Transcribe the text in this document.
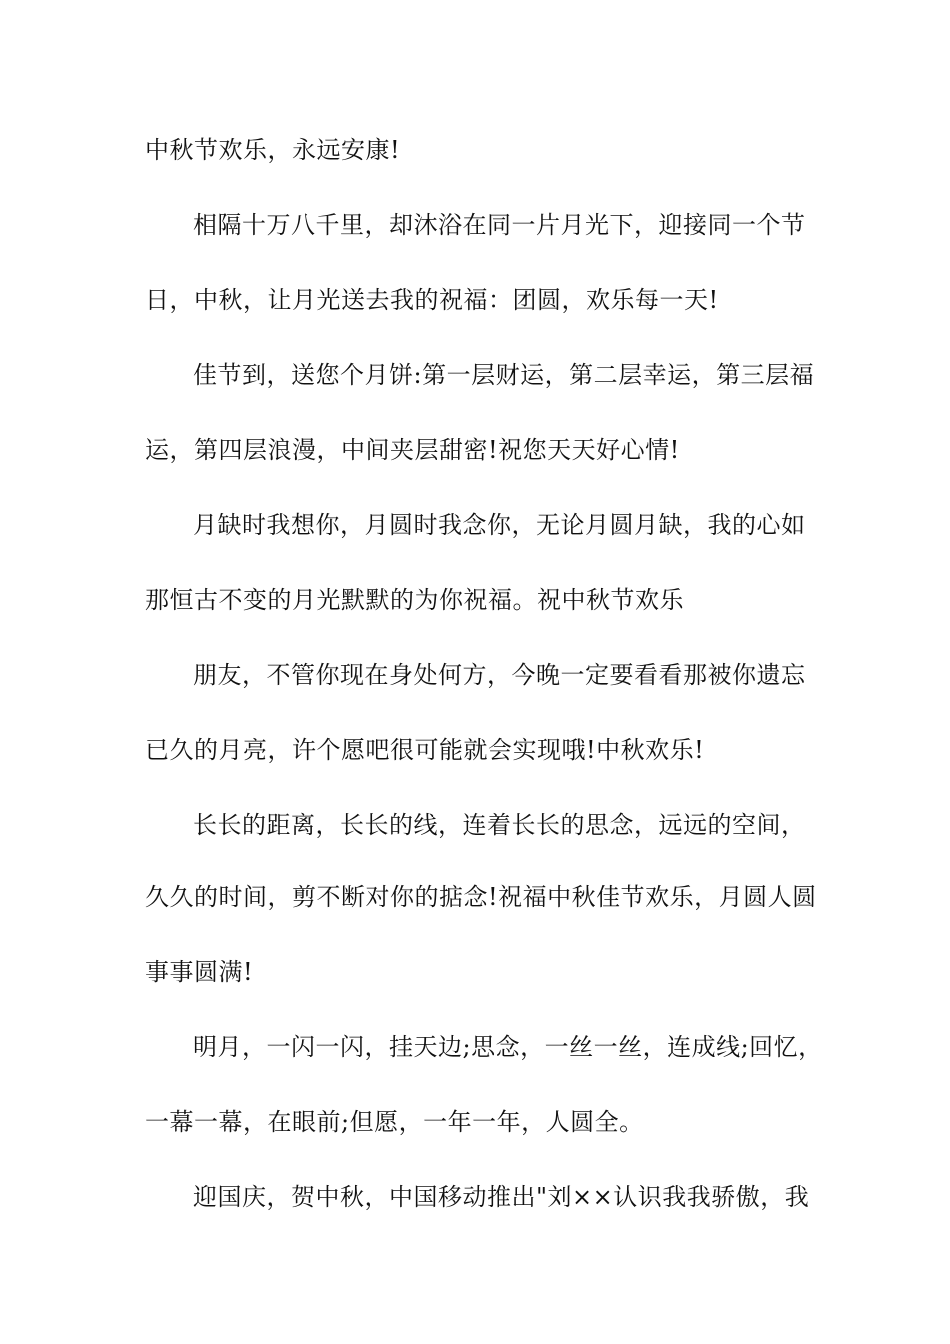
中秋节欢乐，永远安康!
相隔十万八千里，却沐浴在同一片月光下，迎接同一个节
日，中秋，让月光送去我的祝福：团圆，欢乐每一天!
佳节到，送您个月饼:第一层财运，第二层幸运，第三层福
运，第四层浪漫，中间夹层甜密!祝您天天好心情!
月缺时我想你，月圆时我念你，无论月圆月缺，我的心如
那恒古不变的月光默默的为你祝福。祝中秋节欢乐
朋友，不管你现在身处何方，今晚一定要看看那被你遗忘
已久的月亮，许个愿吧很可能就会实现哦!中秋欢乐!
长长的距离，长长的线，连着长长的思念，远远的空间，
久久的时间，剪不断对你的掂念!祝福中秋佳节欢乐，月圆人圆
事事圆满!
明月，一闪一闪，挂天边;思念，一丝一丝，连成线;回忆，
一幕一幕，在眼前;但愿，一年一年，人圆全。
迎国庆，贺中秋，中国移动推出"刘××认识我我骄傲，我
